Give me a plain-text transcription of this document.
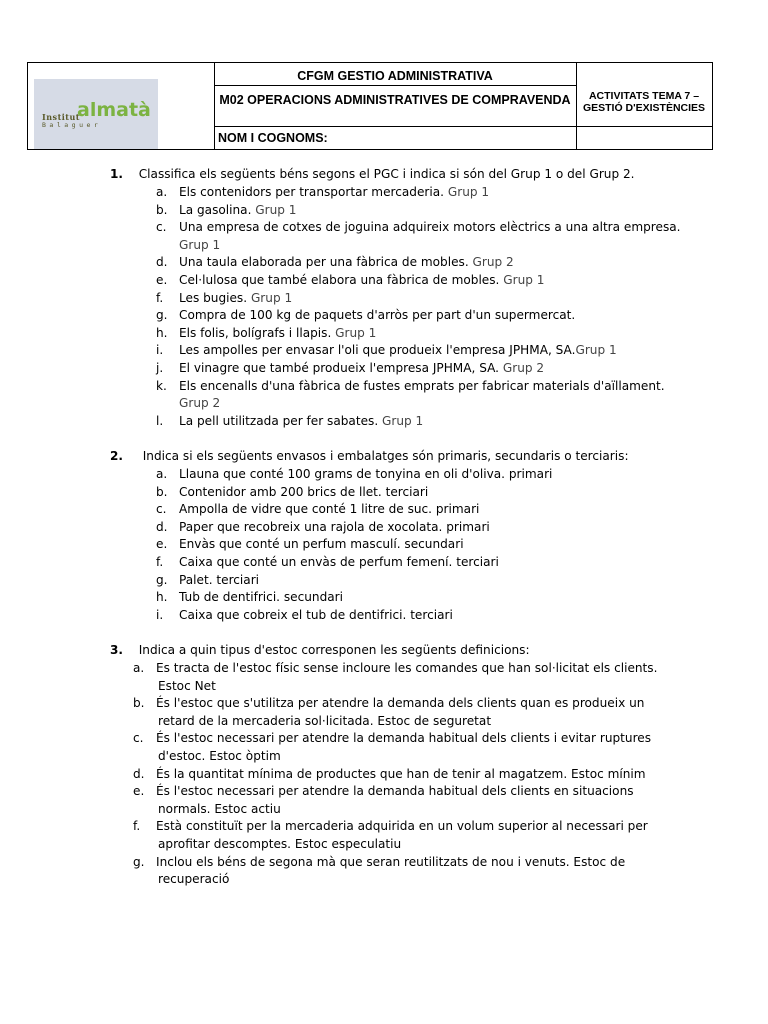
Institut
almatà
Balaguer
CFGM GESTIO ADMINISTRATIVA
M02 OPERACIONS ADMINISTRATIVES DE COMPRAVENDA
NOM I COGNOMS:
ACTIVITATS TEMA 7 – GESTIÓ D'EXISTÈNCIES
1. Classifica els següents béns segons el PGC i indica si són del Grup 1 o del Grup 2.
2. Indica si els següents envasos i embalatges són primaris, secundaris o terciaris:
3. Indica a quin tipus d'estoc corresponen les següents definicions:
a. Els contenidors per transportar mercaderia. Grup 1
b. La gasolina. Grup 1
c. Una empresa de cotxes de joguina adquireix motors elèctrics a una altra empresa.
Grup 1
d. Una taula elaborada per una fàbrica de mobles. Grup 2
e. Cel·lulosa que també elabora una fàbrica de mobles. Grup 1
f. Les bugies. Grup 1
g. Compra de 100 kg de paquets d'arròs per part d'un supermercat.
h. Els folis, bolígrafs i llapis. Grup 1
i. Les ampolles per envasar l'oli que produeix l'empresa JPHMA, SA.Grup 1
j. El vinagre que també produeix l'empresa JPHMA, SA. Grup 2
k. Els encenalls d'una fàbrica de fustes emprats per fabricar materials d'aïllament.
Grup 2
l. La pell utilitzada per fer sabates. Grup 1
a. Llauna que conté 100 grams de tonyina en oli d'oliva. primari
b. Contenidor amb 200 brics de llet. terciari
c. Ampolla de vidre que conté 1 litre de suc. primari
d. Paper que recobreix una rajola de xocolata. primari
e. Envàs que conté un perfum masculí. secundari
f. Caixa que conté un envàs de perfum femení. terciari
g. Palet. terciari
h. Tub de dentifrici. secundari
i. Caixa que cobreix el tub de dentifrici. terciari
a. Es tracta de l'estoc físic sense incloure les comandes que han sol·licitat els clients.
Estoc Net
b. És l'estoc que s'utilitza per atendre la demanda dels clients quan es produeix un
retard de la mercaderia sol·licitada. Estoc de seguretat
c. És l'estoc necessari per atendre la demanda habitual dels clients i evitar ruptures
d'estoc. Estoc òptim
d. És la quantitat mínima de productes que han de tenir al magatzem. Estoc mínim
e. És l'estoc necessari per atendre la demanda habitual dels clients en situacions
normals. Estoc actiu
f. Està constituït per la mercaderia adquirida en un volum superior al necessari per
aprofitar descomptes. Estoc especulatiu
g. Inclou els béns de segona mà que seran reutilitzats de nou i venuts. Estoc de
recuperació
